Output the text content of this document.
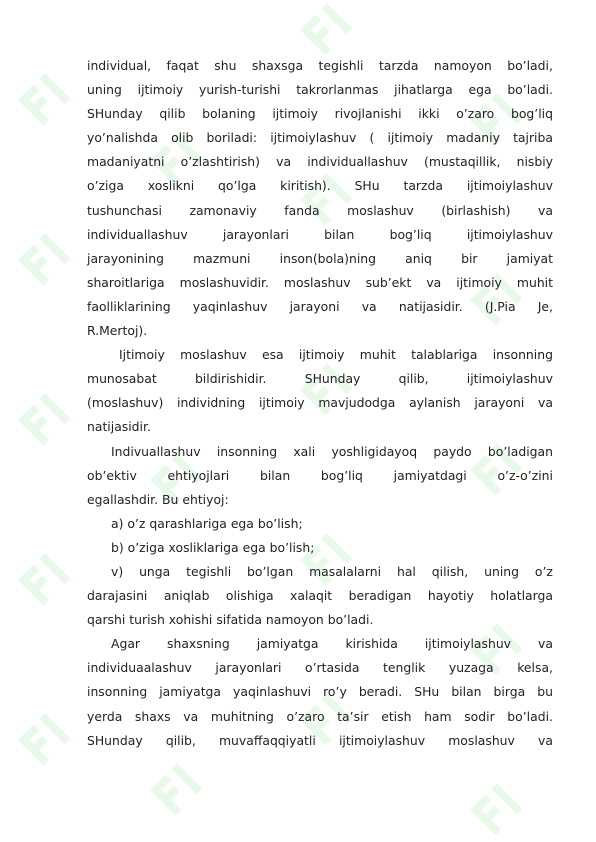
individual, faqat shu shaxsga tegishli tarzda namoyon bo’ladi,
uning ijtimoiy yurish-turishi takrorlanmas jihatlarga ega bo’ladi.
SHunday qilib bolaning ijtimoiy rivojlanishi ikki o’zaro bog’liq
yo’nalishda olib boriladi: ijtimoiylashuv ( ijtimoiy madaniy tajriba
madaniyatni o’zlashtirish) va individuallashuv (mustaqillik, nisbiy
o’ziga xoslikni qo’lga kiritish). SHu tarzda ijtimoiylashuv
tushunchasi zamonaviy fanda moslashuv (birlashish) va
individuallashuv	jarayonlari	bilan	bog’liq	ijtimoiylashuv
jarayonining mazmuni inson(bola)ning aniq bir jamiyat
sharoitlariga moslashuvidir. moslashuv sub’ekt va ijtimoiy muhit
faolliklarining yaqinlashuv jarayoni va natijasidir. (J.Pia Je,
R.Mertoj).
Ijtimoiy moslashuv esa ijtimoiy muhit talablariga insonning
munosabat	bildirishidir.	SHunday	qilib,	ijtimoiylashuv
(moslashuv) individning ijtimoiy mavjudodga aylanish jarayoni va
natijasidir.
Indivuallashuv insonning xali yoshligidayoq paydo bo’ladigan
ob’ektiv ehtiyojlari bilan bog’liq jamiyatdagi o’z-o’zini
egallashdir.
Bu
ehtiyoj:
a)
o’z
qarashlariga
ega
bo’lish;
b)
o’ziga
xosliklariga
ega
bo’lish;
v) unga tegishli bo’lgan masalalarni hal qilish, uning o’z
darajasini aniqlab olishiga xalaqit beradigan hayotiy holatlarga
qarshi
turish
xohishi
sifatida
namoyon
bo’ladi.
Agar shaxsning jamiyatga kirishida ijtimoiylashuv va
individuaalashuv jarayonlari o’rtasida tenglik yuzaga kelsa,
insonning jamiyatga yaqinlashuvi ro’y beradi. SHu bilan birga bu
yerda shaxs va muhitning o’zaro ta’sir etish ham sodir bo’ladi.
SHunday qilib, muvaffaqqiyatli ijtimoiylashuv moslashuv va
